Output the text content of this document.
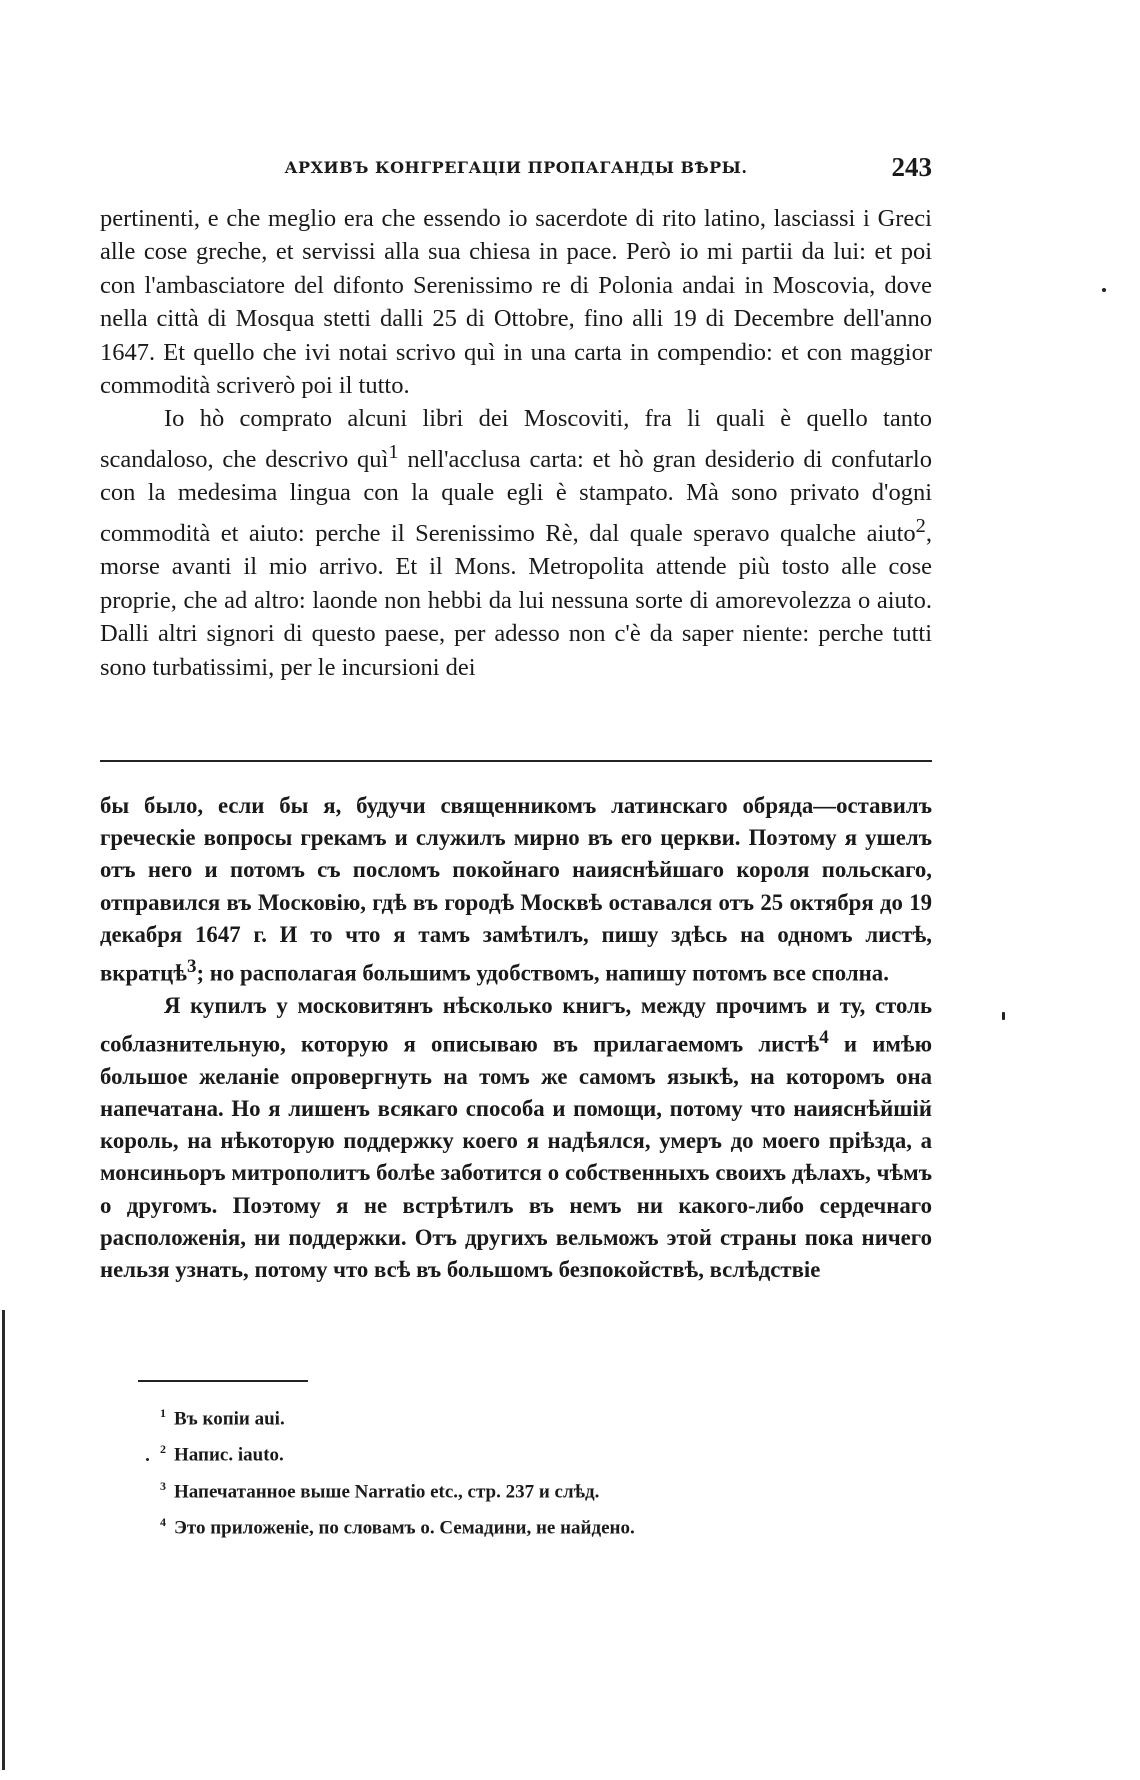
АРХИВЪ КОНГРЕГАЦІИ ПРОПАГАНДЫ ВѢРЫ.	243

pertinenti, e che meglio era che essendo io sacerdote di rito latino, lasciassi i Greci alle cose greche, et servissi alla sua chiesa in pace. Però io mi partii da lui: et poi con l'ambasciatore del difonto Serenissimo re di Polonia andai in Moscovia, dove nella città di Mosqua stetti dalli 25 di Ottobre, fino alli 19 di Decembre dell'anno 1647. Et quello che ivi notai scrivo quì in una carta in compendio: et con maggior commodità scriverò poi il tutto.

Io hò comprato alcuni libri dei Moscoviti, fra li quali è quello tanto scandaloso, che descrivo quì$^1$ nell'acclusa carta: et hò gran desiderio di confutarlo con la medesima lingua con la quale egli è stampato. Mà sono privato d'ogni commodità et aiuto: perche il Serenissimo Rè, dal quale speravo qualche aiuto$^2$, morse avanti il mio arrivo. Et il Mons. Metropolita attende più tosto alle cose proprie, che ad altro: laonde non hebbi da lui nessuna sorte di amorevolezza o aiuto. Dalli altri signori di questo paese, per adesso non c'è da saper niente: perche tutti sono turbatissimi, per le incursioni dei

бы было, если бы я, будучи священникомъ латинскаго обряда—оставилъ греческіе вопросы грекамъ и служилъ мирно въ его церкви. Поэтому я ушелъ отъ него и потомъ съ посломъ покойнаго наияснѣйшаго короля польскаго, отправился въ Московію, гдѣ въ городѣ Москвѣ оставался отъ 25 октября до 19 декабря 1647 г. И то что я тамъ замѣтилъ, пишу здѣсь на одномъ листѣ, вкратцѣ$^3$; но располагая большимъ удобствомъ, напишу потомъ все сполна.

Я купилъ у московитянъ нѣсколько книгъ, между прочимъ и ту, столь соблазнительную, которую я описываю въ прилагаемомъ листѣ$^4$ и имѣю большое желаніе опровергнуть на томъ же самомъ языкѣ, на которомъ она напечатана. Но я лишенъ всякаго способа и помощи, потому что наияснѣйшій король, на нѣкоторую поддержку коего я надѣялся, умеръ до моего пріѣзда, а монсиньоръ митрополитъ болѣе заботится о собственныхъ своихъ дѣлахъ, чѣмъ о другомъ. Поэтому я не встрѣтилъ въ немъ ни какого-либо сердечнаго расположенія, ни поддержки. Отъ другихъ вельможъ этой страны пока ничего нельзя узнать, потому что всѣ въ большомъ безпокойствѣ, вслѣдствіе

$^1$ Въ копіи aui.

$^2$ Напис. iauto.

$^3$ Напечатанное выше Narratio etc., стр. 237 и слѣд.

$^4$ Это приложеніе, по словамъ о. Семадини, не найдено.
